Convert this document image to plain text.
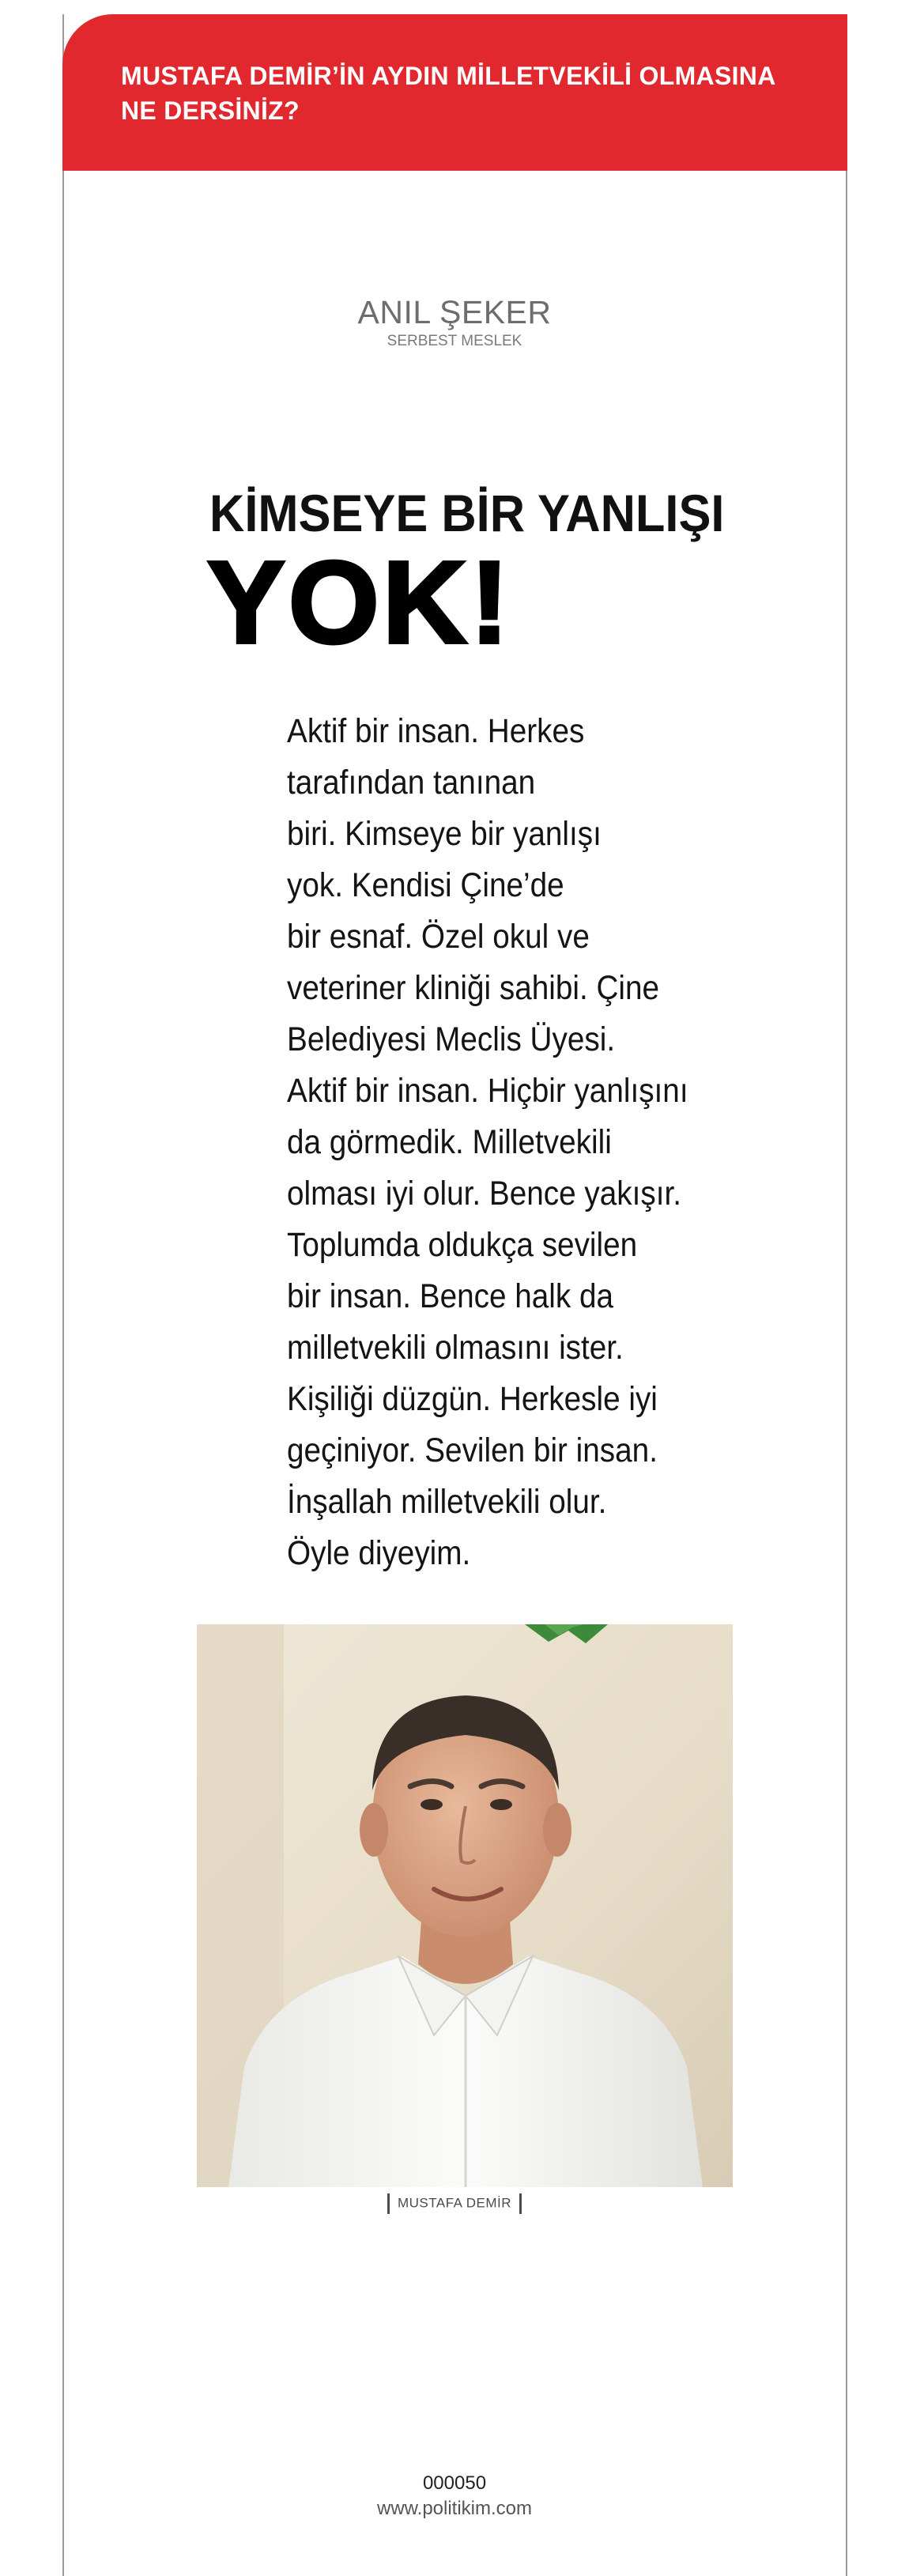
MUSTAFA DEMİR’İN AYDIN MİLLETVEKİLİ OLMASINA
NE DERSİNİZ?
ANIL ŞEKER
SERBEST MESLEK
KİMSEYE BİR YANLIŞI
YOK!
Aktif bir insan. Herkes
tarafından tanınan
biri. Kimseye bir yanlışı
yok. Kendisi Çine’de
bir esnaf. Özel okul ve
veteriner kliniği sahibi. Çine
Belediyesi Meclis Üyesi.
Aktif bir insan. Hiçbir yanlışını
da görmedik. Milletvekili
olması iyi olur. Bence yakışır.
Toplumda oldukça sevilen
bir insan. Bence halk da
milletvekili olmasını ister.
Kişiliği düzgün. Herkesle iyi
geçiniyor. Sevilen bir insan.
İnşallah milletvekili olur.
Öyle diyeyim.
MUSTAFA DEMİR
000050
www.politikim.com
